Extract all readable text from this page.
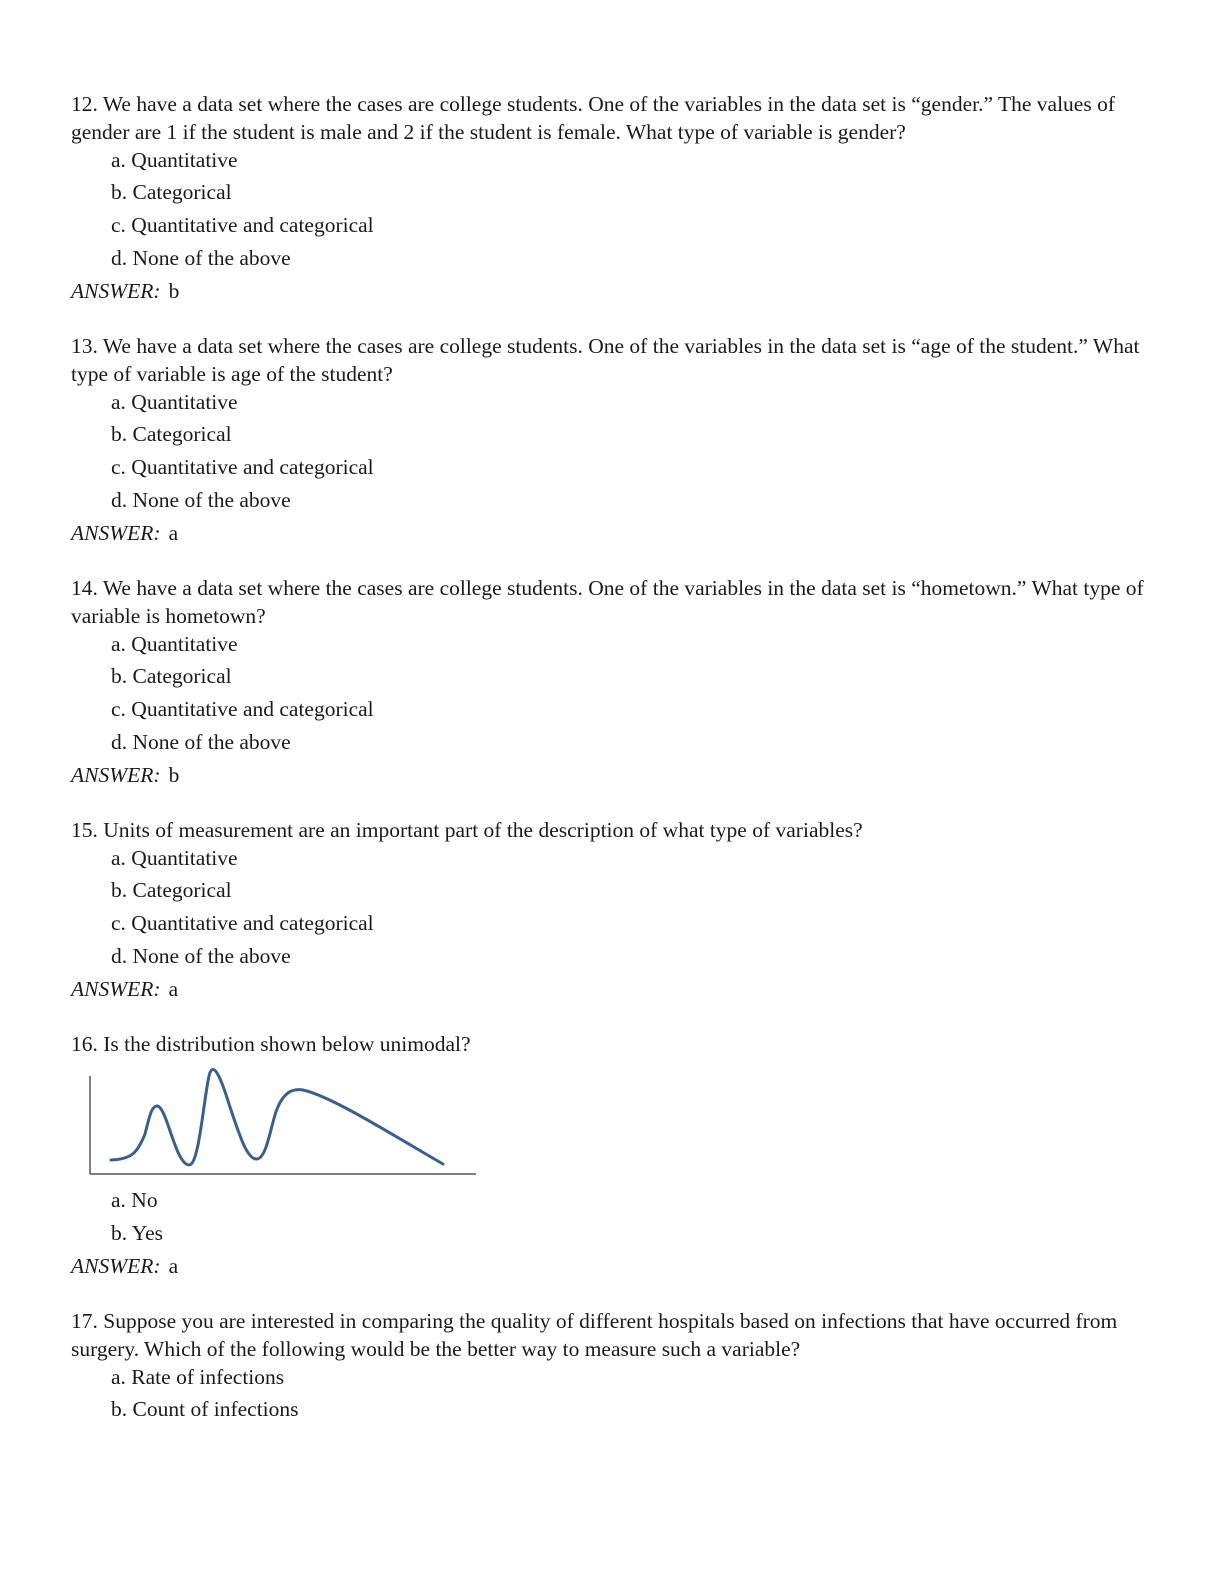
12. We have a data set where the cases are college students. One of the variables in the data set is “gender.” The values of gender are 1 if the student is male and 2 if the student is female. What type of variable is gender?

a. Quantitative
b. Categorical
c. Quantitative and categorical
d. None of the above
ANSWER: b

13. We have a data set where the cases are college students. One of the variables in the data set is “age of the student.” What type of variable is age of the student?

a. Quantitative
b. Categorical
c. Quantitative and categorical
d. None of the above
ANSWER: a

14. We have a data set where the cases are college students. One of the variables in the data set is “hometown.” What type of variable is hometown?

a. Quantitative
b. Categorical
c. Quantitative and categorical
d. None of the above
ANSWER: b

15. Units of measurement are an important part of the description of what type of variables?

a. Quantitative
b. Categorical
c. Quantitative and categorical
d. None of the above
ANSWER: a

16. Is the distribution shown below unimodal?

a. No
b. Yes
ANSWER: a

17. Suppose you are interested in comparing the quality of different hospitals based on infections that have occurred from surgery. Which of the following would be the better way to measure such a variable?

a. Rate of infections
b. Count of infections
